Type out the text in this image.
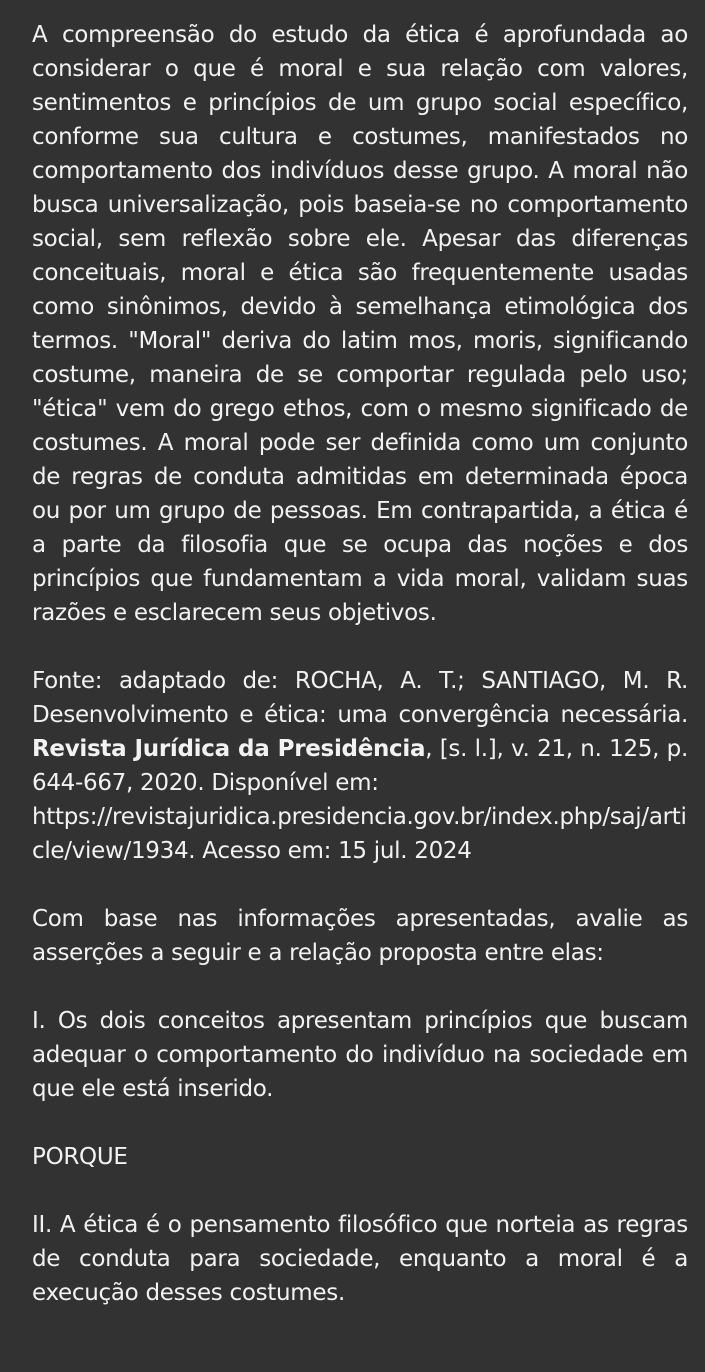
A compreensão do estudo da ética é aprofundada ao considerar o que é moral e sua relação com valores, sentimentos e princípios de um grupo social específico, conforme sua cultura e costumes, manifestados no comportamento dos indivíduos desse grupo. A moral não busca universalização, pois baseia-se no comportamento social, sem reflexão sobre ele. Apesar das diferenças conceituais, moral e ética são frequentemente usadas como sinônimos, devido à semelhança etimológica dos termos. "Moral" deriva do latim mos, moris, significando costume, maneira de se comportar regulada pelo uso; "ética" vem do grego ethos, com o mesmo significado de costumes. A moral pode ser definida como um conjunto de regras de conduta admitidas em determinada época ou por um grupo de pessoas. Em contrapartida, a ética é a parte da filosofia que se ocupa das noções e dos princípios que fundamentam a vida moral, validam suas razões e esclarecem seus objetivos.

Fonte: adaptado de: ROCHA, A. T.; SANTIAGO, M. R. Desenvolvimento e ética: uma convergência necessária. Revista Jurídica da Presidência, [s. l.], v. 21, n. 125, p. 644-667, 2020. Disponível em:

https://revistajuridica.presidencia.gov.br/index.php/saj/article/view/1934. Acesso em: 15 jul. 2024

Com base nas informações apresentadas, avalie as asserções a seguir e a relação proposta entre elas:

I. Os dois conceitos apresentam princípios que buscam adequar o comportamento do indivíduo na sociedade em que ele está inserido.

PORQUE

II. A ética é o pensamento filosófico que norteia as regras de conduta para sociedade, enquanto a moral é a execução desses costumes.
